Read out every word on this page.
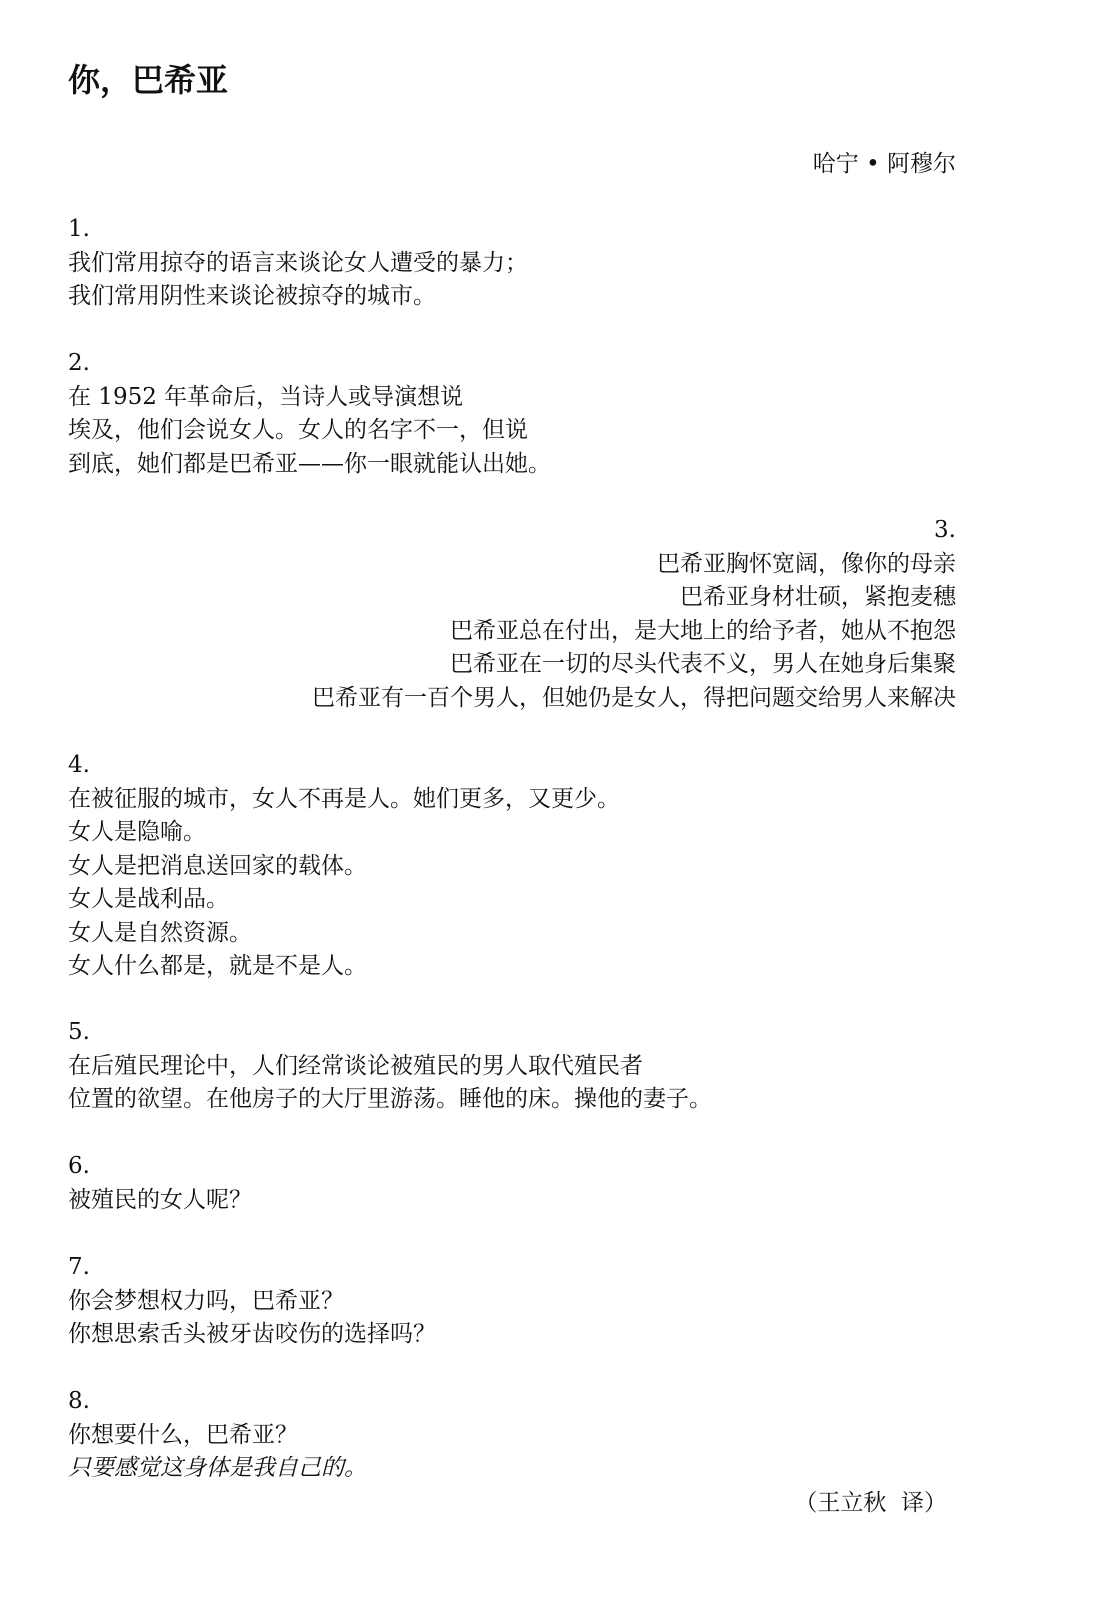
你，巴希亚
哈宁 • 阿穆尔
1.
我们常用掠夺的语言来谈论女人遭受的暴力；
我们常用阴性来谈论被掠夺的城市。
2.
在 1952 年革命后，当诗人或导演想说
埃及，他们会说女人。女人的名字不一，但说
到底，她们都是巴希亚——你一眼就能认出她。
3.
巴希亚胸怀宽阔，像你的母亲
巴希亚身材壮硕，紧抱麦穗
巴希亚总在付出，是大地上的给予者，她从不抱怨
巴希亚在一切的尽头代表不义，男人在她身后集聚
巴希亚有一百个男人，但她仍是女人，得把问题交给男人来解决
4.
在被征服的城市，女人不再是人。她们更多，又更少。
女人是隐喻。
女人是把消息送回家的载体。
女人是战利品。
女人是自然资源。
女人什么都是，就是不是人。
5.
在后殖民理论中，人们经常谈论被殖民的男人取代殖民者
位置的欲望。在他房子的大厅里游荡。睡他的床。操他的妻子。
6.
被殖民的女人呢？
7.
你会梦想权力吗，巴希亚？
你想思索舌头被牙齿咬伤的选择吗？
8.
你想要什么，巴希亚？
只要感觉这身体是我自己的。
（王立秋  译）
